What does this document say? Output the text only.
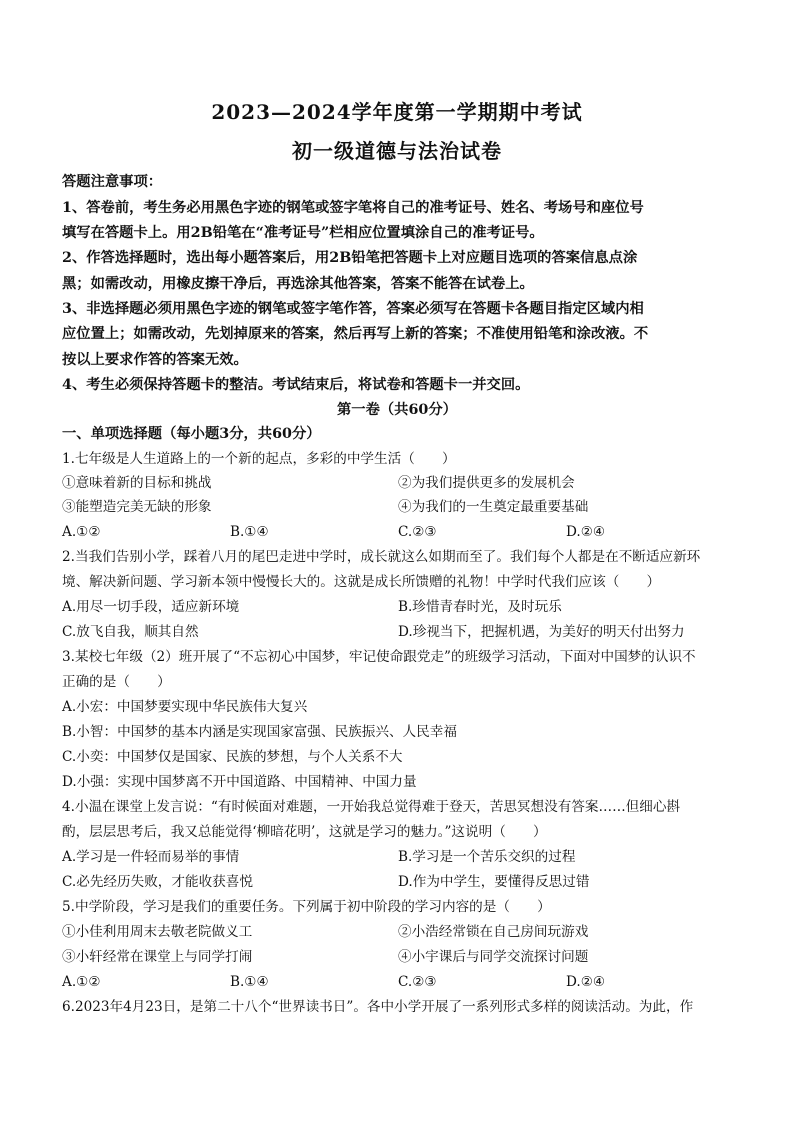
2023—2024学年度第一学期期中考试
初一级道德与法治试卷
答题注意事项：
1、答卷前，考生务必用黑色字迹的钢笔或签字笔将自己的准考证号、姓名、考场号和座位号
填写在答题卡上。用2B铅笔在“准考证号”栏相应位置填涂自己的准考证号。
2、作答选择题时，选出每小题答案后，用2B铅笔把答题卡上对应题目选项的答案信息点涂
黑；如需改动，用橡皮擦干净后，再选涂其他答案，答案不能答在试卷上。
3、非选择题必须用黑色字迹的钢笔或签字笔作答，答案必须写在答题卡各题目指定区域内相
应位置上；如需改动，先划掉原来的答案，然后再写上新的答案；不准使用铅笔和涂改液。不
按以上要求作答的答案无效。
4、考生必须保持答题卡的整洁。考试结束后，将试卷和答题卡一并交回。
第一卷（共60分）
一、单项选择题（每小题3分，共60分）
1.七年级是人生道路上的一个新的起点，多彩的中学生活（　　）
①意味着新的目标和挑战	②为我们提供更多的发展机会
③能塑造完美无缺的形象	④为我们的一生奠定最重要基础
A.①②	B.①④	C.②③	D.②④
2.当我们告别小学，踩着八月的尾巴走进中学时，成长就这么如期而至了。我们每个人都是在不断适应新环
境、解决新问题、学习新本领中慢慢长大的。这就是成长所馈赠的礼物！中学时代我们应该（　　）
A.用尽一切手段，适应新环境	B.珍惜青春时光，及时玩乐
C.放飞自我，顺其自然	D.珍视当下，把握机遇，为美好的明天付出努力
3.某校七年级（2）班开展了“不忘初心中国梦，牢记使命跟党走”的班级学习活动，下面对中国梦的认识不
正确的是（　　）
A.小宏：中国梦要实现中华民族伟大复兴
B.小智：中国梦的基本内涵是实现国家富强、民族振兴、人民幸福
C.小奕：中国梦仅是国家、民族的梦想，与个人关系不大
D.小强：实现中国梦离不开中国道路、中国精神、中国力量
4.小温在课堂上发言说：“有时候面对难题，一开始我总觉得难于登天，苦思冥想没有答案……但细心斟
酌，层层思考后，我又总能觉得‘柳暗花明’，这就是学习的魅力。”这说明（　　）
A.学习是一件轻而易举的事情	B.学习是一个苦乐交织的过程
C.必先经历失败，才能收获喜悦	D.作为中学生，要懂得反思过错
5.中学阶段，学习是我们的重要任务。下列属于初中阶段的学习内容的是（　　）
①小佳利用周末去敬老院做义工	②小浩经常锁在自己房间玩游戏
③小轩经常在课堂上与同学打闹	④小宇课后与同学交流探讨问题
A.①②	B.①④	C.②③	D.②④
6.2023年4月23日，是第二十八个“世界读书日”。各中小学开展了一系列形式多样的阅读活动。为此，作
